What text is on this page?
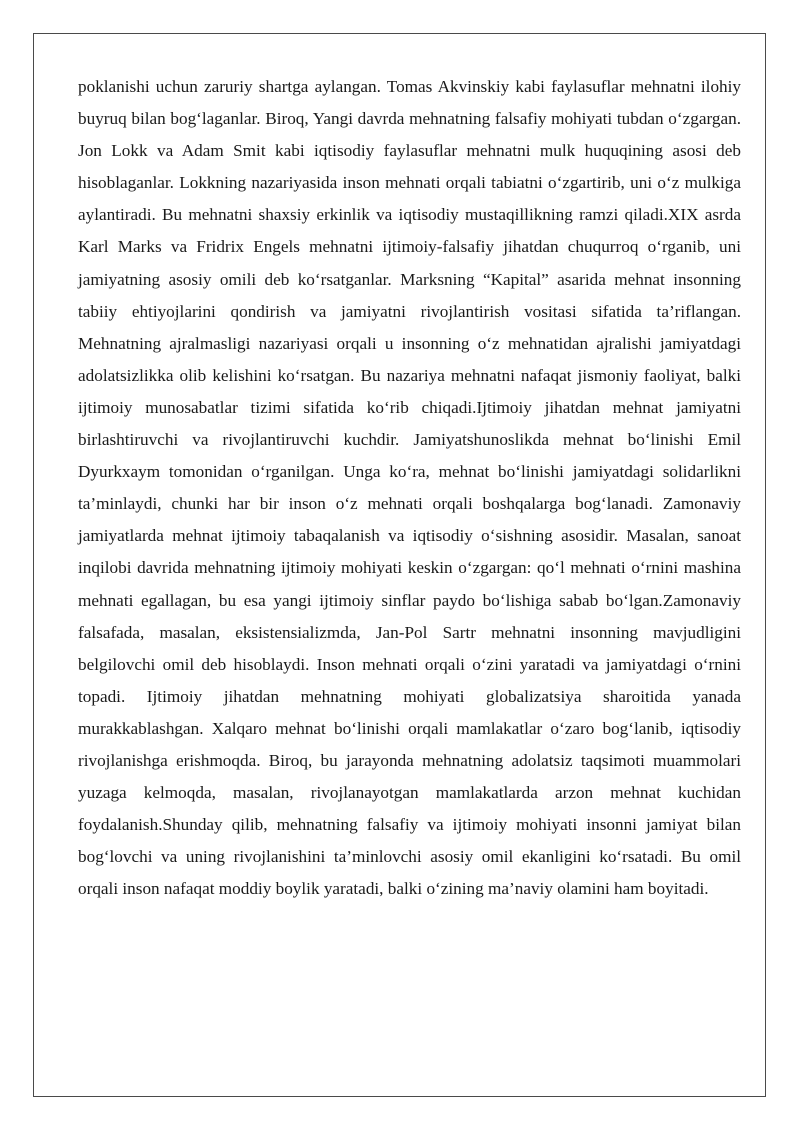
poklanishi uchun zaruriy shartga aylangan. Tomas Akvinskiy kabi faylasuflar mehnatni ilohiy buyruq bilan bog‘laganlar. Biroq, Yangi davrda mehnatning falsafiy mohiyati tubdan o‘zgargan. Jon Lokk va Adam Smit kabi iqtisodiy faylasuflar mehnatni mulk huquqining asosi deb hisoblaganlar. Lokkning nazariyasida inson mehnati orqali tabiatni o‘zgartirib, uni o‘z mulkiga aylantiradi. Bu mehnatni shaxsiy erkinlik va iqtisodiy mustaqillikning ramzi qiladi.XIX asrda Karl Marks va Fridrix Engels mehnatni ijtimoiy-falsafiy jihatdan chuqurroq o‘rganib, uni jamiyatning asosiy omili deb ko‘rsatganlar. Marksning “Kapital” asarida mehnat insonning tabiiy ehtiyojlarini qondirish va jamiyatni rivojlantirish vositasi sifatida ta’riflangan. Mehnatning ajralmasligi nazariyasi orqali u insonning o‘z mehnatidan ajralishi jamiyatdagi adolatsizlikka olib kelishini ko‘rsatgan. Bu nazariya mehnatni nafaqat jismoniy faoliyat, balki ijtimoiy munosabatlar tizimi sifatida ko‘rib chiqadi.Ijtimoiy jihatdan mehnat jamiyatni birlashtiruvchi va rivojlantiruvchi kuchdir. Jamiyatshunoslikda mehnat bo‘linishi Emil Dyurkxaym tomonidan o‘rganilgan. Unga ko‘ra, mehnat bo‘linishi jamiyatdagi solidarlikni ta’minlaydi, chunki har bir inson o‘z mehnati orqali boshqalarga bog‘lanadi. Zamonaviy jamiyatlarda mehnat ijtimoiy tabaqalanish va iqtisodiy o‘sishning asosidir. Masalan, sanoat inqilobi davrida mehnatning ijtimoiy mohiyati keskin o‘zgargan: qo‘l mehnati o‘rnini mashina mehnati egallagan, bu esa yangi ijtimoiy sinflar paydo bo‘lishiga sabab bo‘lgan.Zamonaviy falsafada, masalan, eksistensializmda, Jan-Pol Sartr mehnatni insonning mavjudligini belgilovchi omil deb hisoblaydi. Inson mehnati orqali o‘zini yaratadi va jamiyatdagi o‘rnini topadi. Ijtimoiy jihatdan mehnatning mohiyati globalizatsiya sharoitida yanada murakkablashgan. Xalqaro mehnat bo‘linishi orqali mamlakatlar o‘zaro bog‘lanib, iqtisodiy rivojlanishga erishmoqda. Biroq, bu jarayonda mehnatning adolatsiz taqsimoti muammolari yuzaga kelmoqda, masalan, rivojlanayotgan mamlakatlarda arzon mehnat kuchidan foydalanish.Shunday qilib, mehnatning falsafiy va ijtimoiy mohiyati insonni jamiyat bilan bog‘lovchi va uning rivojlanishini ta’minlovchi asosiy omil ekanligini ko‘rsatadi. Bu omil orqali inson nafaqat moddiy boylik yaratadi, balki o‘zining ma’naviy olamini ham boyitadi.
